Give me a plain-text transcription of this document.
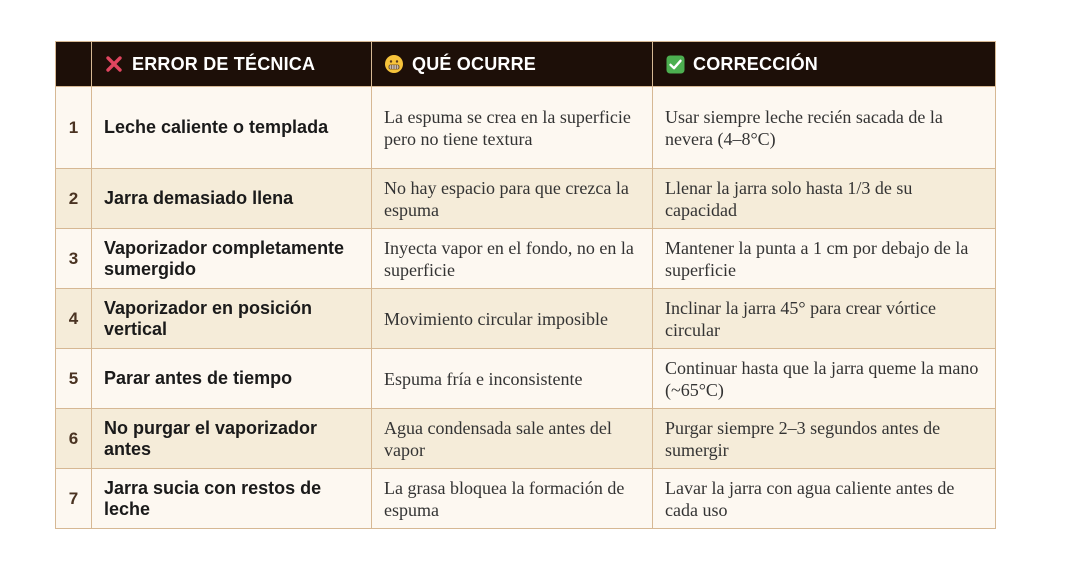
	ERROR DE TÉCNICA	QUÉ OCURRE	CORRECCIÓN

1	Leche caliente o templada	La espuma se crea en la superficie pero no tiene textura	Usar siempre leche recién sacada de la nevera (4–8°C)
2	Jarra demasiado llena	No hay espacio para que crezca la espuma	Llenar la jarra solo hasta 1/3 de su capacidad
3	Vaporizador completamente sumergido	Inyecta vapor en el fondo, no en la superficie	Mantener la punta a 1 cm por debajo de la superficie
4	Vaporizador en posición vertical	Movimiento circular imposible	Inclinar la jarra 45° para crear vórtice circular
5	Parar antes de tiempo	Espuma fría e inconsistente	Continuar hasta que la jarra queme la mano (~65°C)
6	No purgar el vaporizador antes	Agua condensada sale antes del vapor	Purgar siempre 2–3 segundos antes de sumergir
7	Jarra sucia con restos de leche	La grasa bloquea la formación de espuma	Lavar la jarra con agua caliente antes de cada uso
